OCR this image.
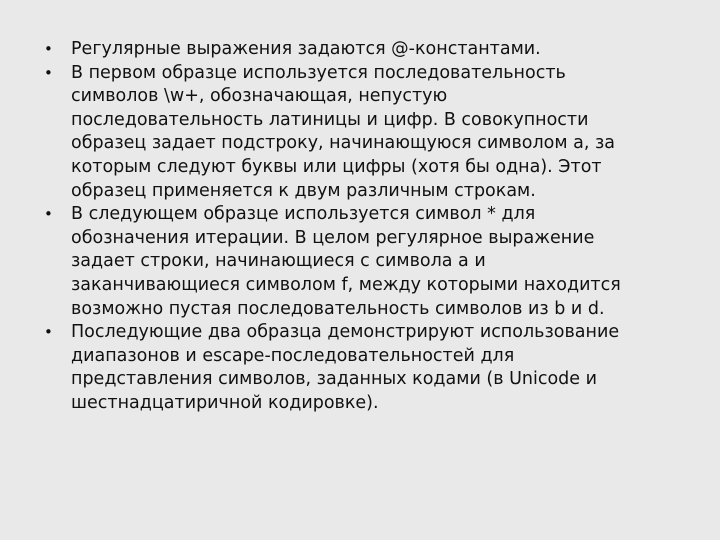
• Регулярные выражения задаются @-константами.
• В первом образце используется последовательность
символов \w+, обозначающая, непустую
последовательность латиницы и цифр. В совокупности
образец задает подстроку, начинающуюся символом a, за
которым следуют буквы или цифры (хотя бы одна). Этот
образец применяется к двум различным строкам.
• В следующем образце используется символ * для
обозначения итерации. В целом регулярное выражение
задает строки, начинающиеся с символа a и
заканчивающиеся символом f, между которыми находится
возможно пустая последовательность символов из b и d.
• Последующие два образца демонстрируют использование
диапазонов и escape-последовательностей для
представления символов, заданных кодами (в Unicode и
шестнадцатиричной кодировке).
